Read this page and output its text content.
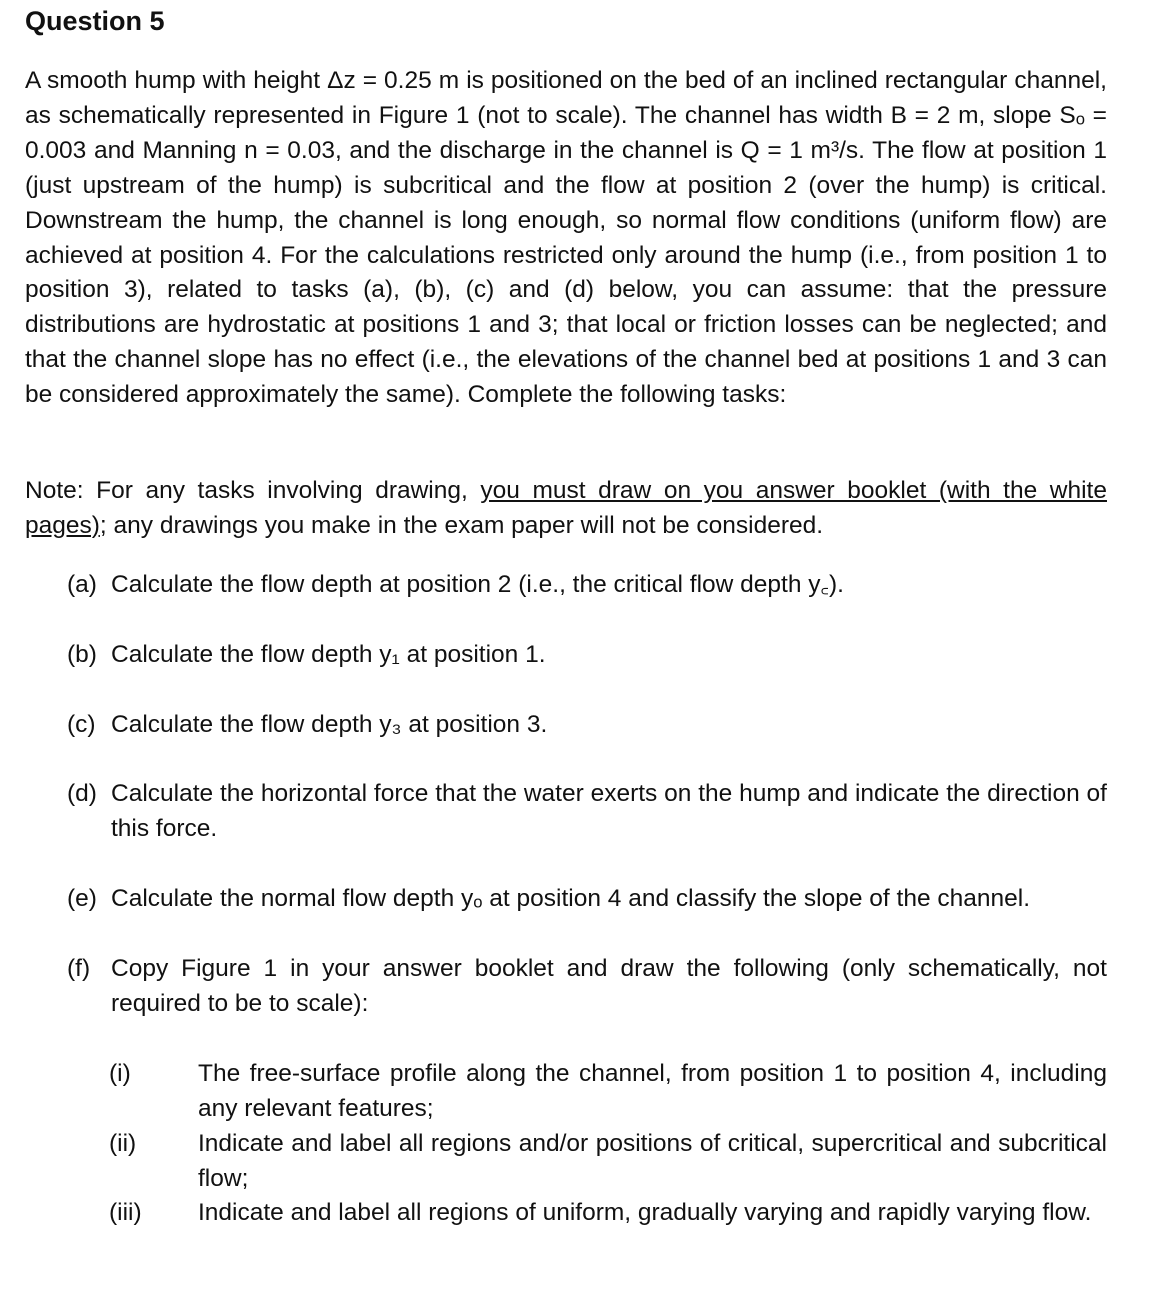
Question 5
A smooth hump with height Δz = 0.25 m is positioned on the bed of an inclined rectangular channel, as schematically represented in Figure 1 (not to scale). The channel has width B = 2 m, slope Sₒ = 0.003 and Manning n = 0.03, and the discharge in the channel is Q = 1 m³/s. The flow at position 1 (just upstream of the hump) is subcritical and the flow at position 2 (over the hump) is critical. Downstream the hump, the channel is long enough, so normal flow conditions (uniform flow) are achieved at position 4. For the calculations restricted only around the hump (i.e., from position 1 to position 3), related to tasks (a), (b), (c) and (d) below, you can assume: that the pressure distributions are hydrostatic at positions 1 and 3; that local or friction losses can be neglected; and that the channel slope has no effect (i.e., the elevations of the channel bed at positions 1 and 3 can be considered approximately the same). Complete the following tasks:
Note: For any tasks involving drawing, you must draw on you answer booklet (with the white pages); any drawings you make in the exam paper will not be considered.
(a) Calculate the flow depth at position 2 (i.e., the critical flow depth y꜀).
(b) Calculate the flow depth y₁ at position 1.
(c) Calculate the flow depth y₃ at position 3.
(d) Calculate the horizontal force that the water exerts on the hump and indicate the direction of this force.
(e) Calculate the normal flow depth yₒ at position 4 and classify the slope of the channel.
(f) Copy Figure 1 in your answer booklet and draw the following (only schematically, not required to be to scale):
(i)	The free-surface profile along the channel, from position 1 to position 4, including any relevant features;
(ii)	Indicate and label all regions and/or positions of critical, supercritical and subcritical flow;
(iii) Indicate and label all regions of uniform, gradually varying and rapidly varying flow.
